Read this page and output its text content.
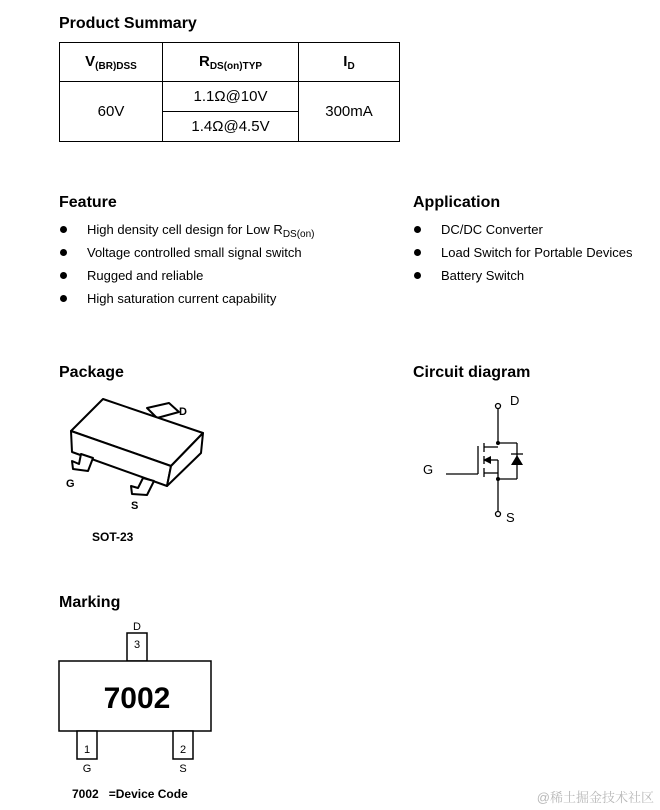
Product Summary
$V_{(BR)DSS}$	$R_{DS(on)TYP}$	$I_D$
60V	1.1Ω@10V	300mA
	1.4Ω@4.5V	
Feature
High density cell design for Low $R_{DS(on)}$
Voltage controlled small signal switch
Rugged and reliable
High saturation current capability
Application
DC/DC Converter
Load Switch for Portable Devices
Battery Switch
Package
D
G
S
SOT-23
Circuit diagram
D
G
S
Marking
D
3
7002
1
G
2
S
7002 =Device Code	@稀土掘金技术社区
